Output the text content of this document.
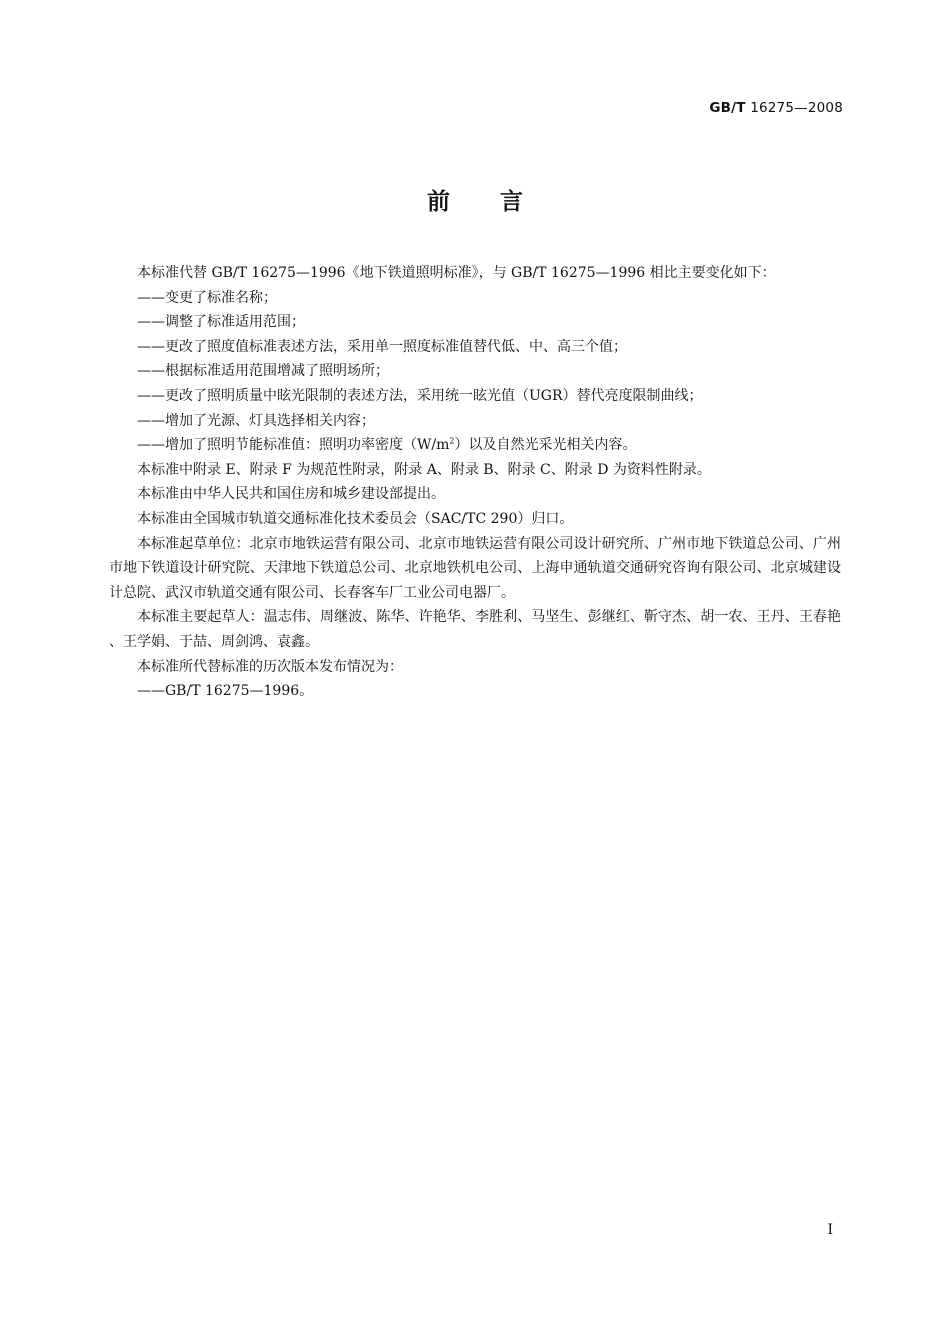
GB/T 16275—2008
前言

本标准代替 GB/T 16275—1996《地下铁道照明标准》，与 GB/T 16275—1996 相比主要变化如下：

——变更了标准名称；

——调整了标准适用范围；

——更改了照度值标准表述方法，采用单一照度标准值替代低、中、高三个值；

——根据标准适用范围增减了照明场所；

——更改了照明质量中眩光限制的表述方法，采用统一眩光值（UGR）替代亮度限制曲线；

——增加了光源、灯具选择相关内容；

——增加了照明节能标准值：照明功率密度$(W/m^2)$以及自然光采光相关内容。

本标准中附录 E、附录 F 为规范性附录，附录 A、附录 B、附录 C、附录 D 为资料性附录。

本标准由中华人民共和国住房和城乡建设部提出。

本标准由全国城市轨道交通标准化技术委员会（SAC/TC 290）归口。

本标准起草单位：北京市地铁运营有限公司、北京市地铁运营有限公司设计研究所、广州市地下铁道总公司、广州市地下铁道设计研究院、天津地下铁道总公司、北京地铁机电公司、上海申通轨道交通研究咨询有限公司、北京城建设计总院、武汉市轨道交通有限公司、长春客车厂工业公司电器厂。

本标准主要起草人：温志伟、周继波、陈华、许艳华、李胜利、马坚生、彭继红、靳守杰、胡一农、王丹、王春艳 、王学娟、于喆、周剑鸿、袁鑫。

本标准所代替标准的历次版本发布情况为：

——GB/T 16275—1996。

I
